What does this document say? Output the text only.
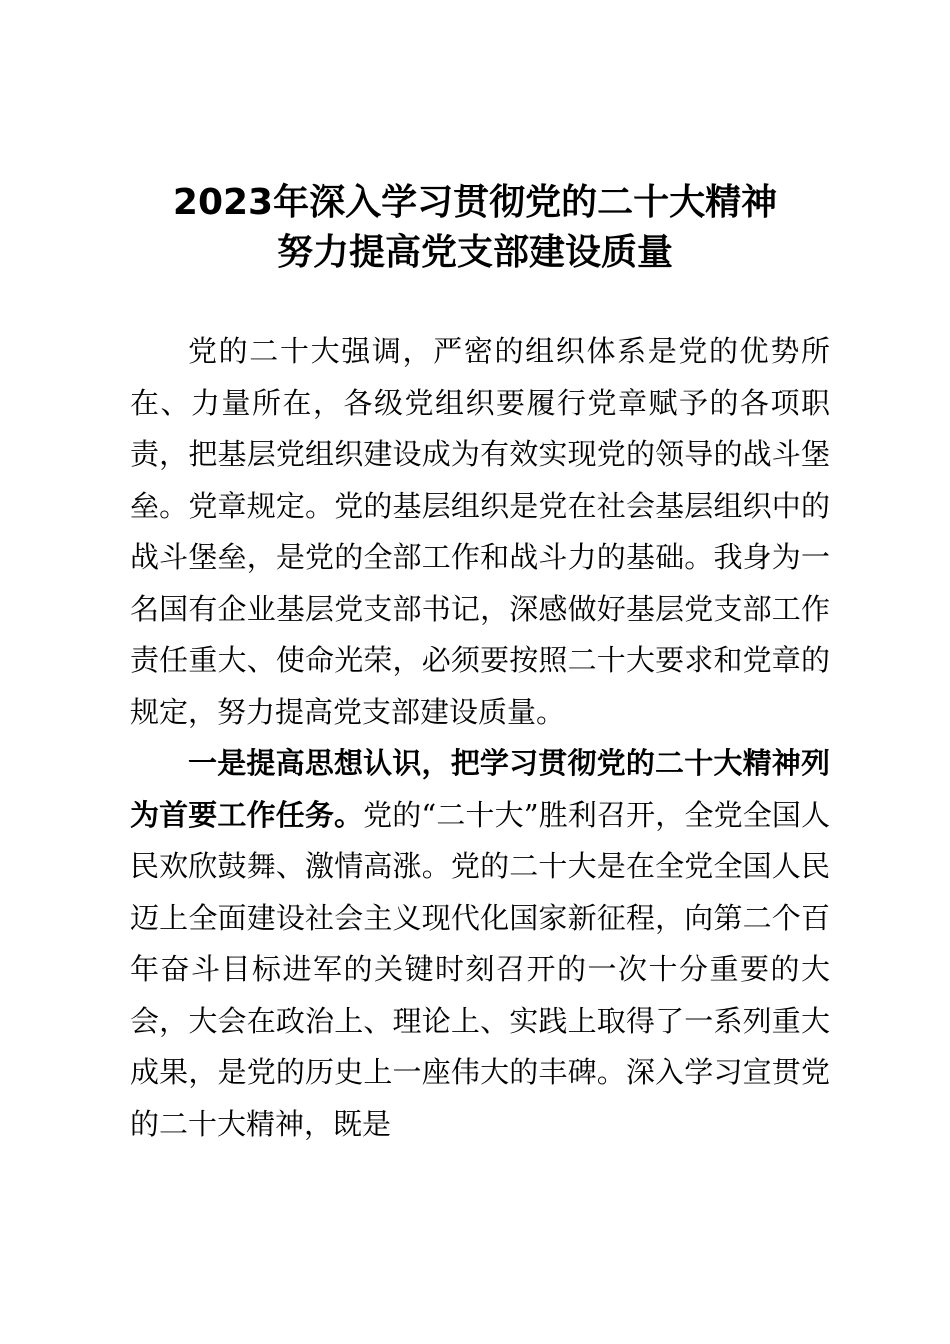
2023年深入学习贯彻党的二十大精神
努力提高党支部建设质量

党的二十大强调，严密的组织体系是党的优势所在、力量所在，各级党组织要履行党章赋予的各项职责，把基层党组织建设成为有效实现党的领导的战斗堡垒。党章规定。党的基层组织是党在社会基层组织中的战斗堡垒，是党的全部工作和战斗力的基础。我身为一名国有企业基层党支部书记，深感做好基层党支部工作责任重大、使命光荣，必须要按照二十大要求和党章的规定，努力提高党支部建设质量。

一是提高思想认识，把学习贯彻党的二十大精神列为首要工作任务。党的“二十大”胜利召开，全党全国人民欢欣鼓舞、激情高涨。党的二十大是在全党全国人民迈上全面建设社会主义现代化国家新征程，向第二个百年奋斗目标进军的关键时刻召开的一次十分重要的大会，大会在政治上、理论上、实践上取得了一系列重大成果，是党的历史上一座伟大的丰碑。深入学习宣贯党的二十大精神，既是
